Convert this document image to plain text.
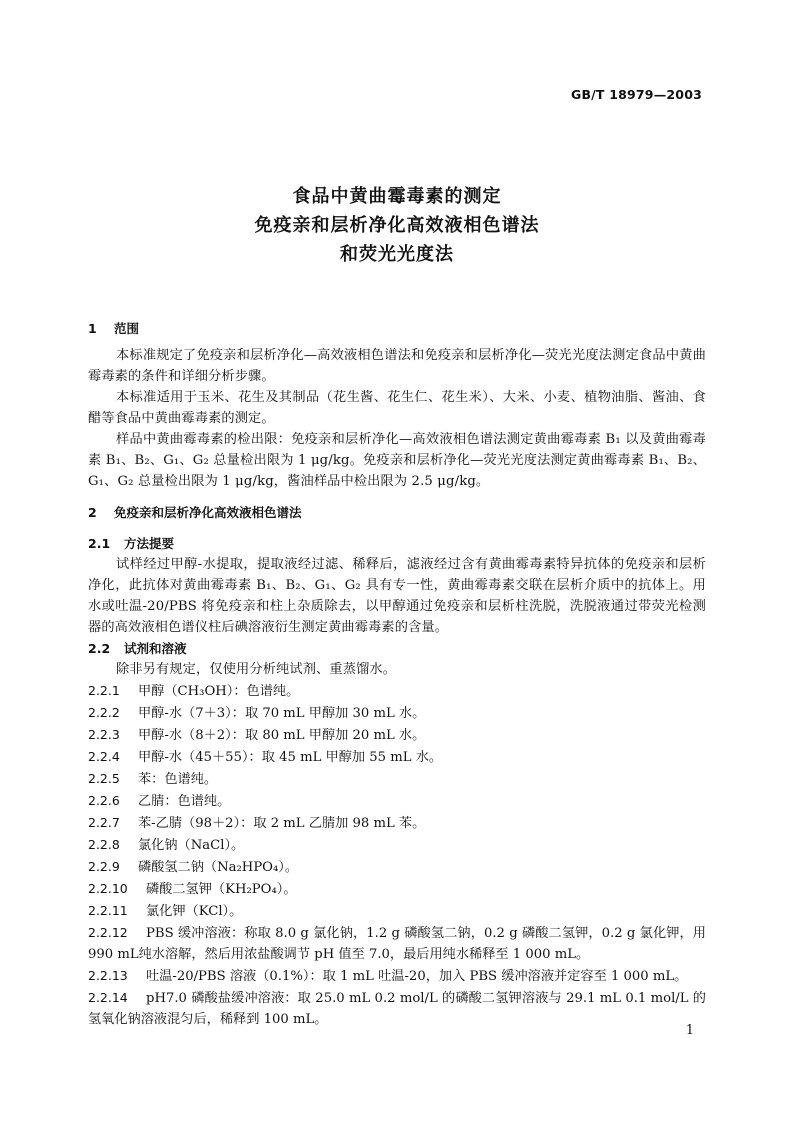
GB/T 18979—2003
食品中黄曲霉毒素的测定
免疫亲和层析净化高效液相色谱法
和荧光光度法
1 范围
本标准规定了免疫亲和层析净化—高效液相色谱法和免疫亲和层析净化—荧光光度法测定食品中黄曲霉毒素的条件和详细分析步骤。
本标准适用于玉米、花生及其制品（花生酱、花生仁、花生米）、大米、小麦、植物油脂、酱油、食醋等食品中黄曲霉毒素的测定。
样品中黄曲霉毒素的检出限：免疫亲和层析净化—高效液相色谱法测定黄曲霉毒素 B₁ 以及黄曲霉毒素 B₁、B₂、G₁、G₂ 总量检出限为 1 μg/kg。免疫亲和层析净化—荧光光度法测定黄曲霉毒素 B₁、B₂、G₁、G₂ 总量检出限为 1 μg/kg，酱油样品中检出限为 2.5 μg/kg。
2 免疫亲和层析净化高效液相色谱法
2.1 方法提要
试样经过甲醇-水提取，提取液经过滤、稀释后，滤液经过含有黄曲霉毒素特异抗体的免疫亲和层析净化，此抗体对黄曲霉毒素 B₁、B₂、G₁、G₂ 具有专一性，黄曲霉毒素交联在层析介质中的抗体上。用水或吐温-20/PBS 将免疫亲和柱上杂质除去，以甲醇通过免疫亲和层析柱洗脱，洗脱液通过带荧光检测器的高效液相色谱仪柱后碘溶液衍生测定黄曲霉毒素的含量。
2.2 试剂和溶液
除非另有规定，仅使用分析纯试剂、重蒸馏水。
2.2.1 甲醇（CH₃OH）：色谱纯。
2.2.2 甲醇-水（7＋3）：取 70 mL 甲醇加 30 mL 水。
2.2.3 甲醇-水（8＋2）：取 80 mL 甲醇加 20 mL 水。
2.2.4 甲醇-水（45＋55）：取 45 mL 甲醇加 55 mL 水。
2.2.5 苯：色谱纯。
2.2.6 乙腈：色谱纯。
2.2.7 苯-乙腈（98＋2）：取 2 mL 乙腈加 98 mL 苯。
2.2.8 氯化钠（NaCl）。
2.2.9 磷酸氢二钠（Na₂HPO₄）。
2.2.10 磷酸二氢钾（KH₂PO₄）。
2.2.11 氯化钾（KCl）。
2.2.12 PBS 缓冲溶液：称取 8.0 g 氯化钠，1.2 g 磷酸氢二钠，0.2 g 磷酸二氢钾，0.2 g 氯化钾，用 990 mL纯水溶解，然后用浓盐酸调节 pH 值至 7.0，最后用纯水稀释至 1 000 mL。
2.2.13 吐温-20/PBS 溶液（0.1%）：取 1 mL 吐温-20，加入 PBS 缓冲溶液并定容至 1 000 mL。
2.2.14 pH7.0 磷酸盐缓冲溶液：取 25.0 mL 0.2 mol/L 的磷酸二氢钾溶液与 29.1 mL 0.1 mol/L 的氢氧化钠溶液混匀后，稀释到 100 mL。
1
